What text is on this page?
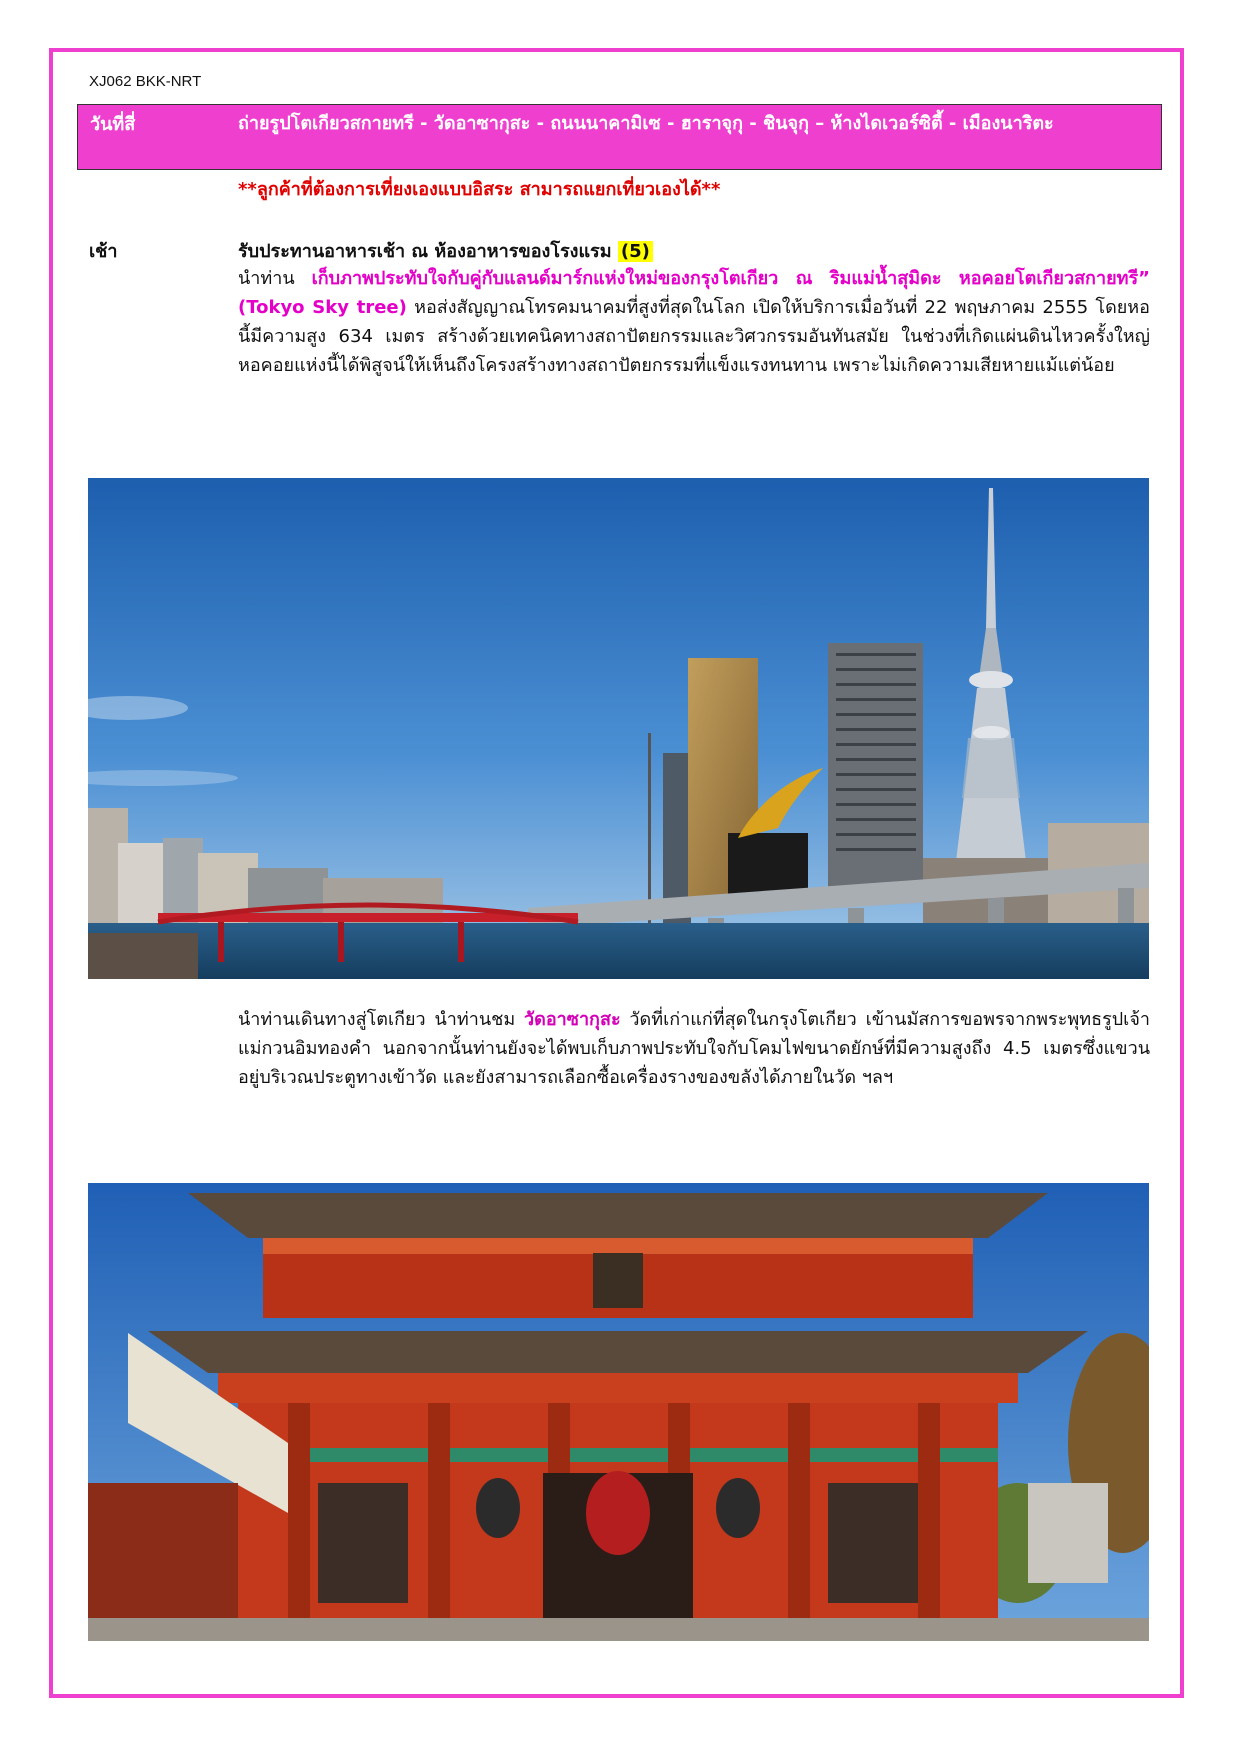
XJ062 BKK-NRT
วันที่สี่	ถ่ายรูปโตเกียวสกายทรี - วัดอาซากุสะ - ถนนนาคามิเซ - ฮาราจุกุ - ชินจุกุ – ห้างไดเวอร์ซิตี้ - เมืองนาริตะ
**ลูกค้าที่ต้องการเที่ยงเองแบบอิสระ สามารถแยกเที่ยวเองได้**
เช้า	รับประทานอาหารเช้า ณ ห้องอาหารของโรงแรม (5)

นำท่าน เก็บภาพประทับใจกับคู่กับแลนด์มาร์กแห่งใหม่ของกรุงโตเกียว ณ ริมแม่น้ำสุมิดะ หอคอยโตเกียวสกายทรี” (Tokyo Sky tree) หอส่งสัญญาณโทรคมนาคมที่สูงที่สุดในโลก เปิดให้บริการเมื่อวันที่ 22 พฤษภาคม 2555 โดยหอนี้มีความสูง 634 เมตร สร้างด้วยเทคนิคทางสถาปัตยกรรมและวิศวกรรมอันทันสมัย ในช่วงที่เกิดแผ่นดินไหวครั้งใหญ่หอคอยแห่งนี้ได้พิสูจน์ให้เห็นถึงโครงสร้างทางสถาปัตยกรรมที่แข็งแรงทนทาน เพราะไม่เกิดความเสียหายแม้แต่น้อย

นำท่านเดินทางสู่โตเกียว นำท่านชม วัดอาซากุสะ วัดที่เก่าแก่ที่สุดในกรุงโตเกียว เข้านมัสการขอพรจากพระพุทธรูปเจ้าแม่กวนอิมทองคำ นอกจากนั้นท่านยังจะได้พบเก็บภาพประทับใจกับโคมไฟขนาดยักษ์ที่มีความสูงถึง 4.5 เมตรซึ่งแขวนอยู่บริเวณประตูทางเข้าวัด และยังสามารถเลือกซื้อเครื่องรางของขลังได้ภายในวัด ฯลฯ
